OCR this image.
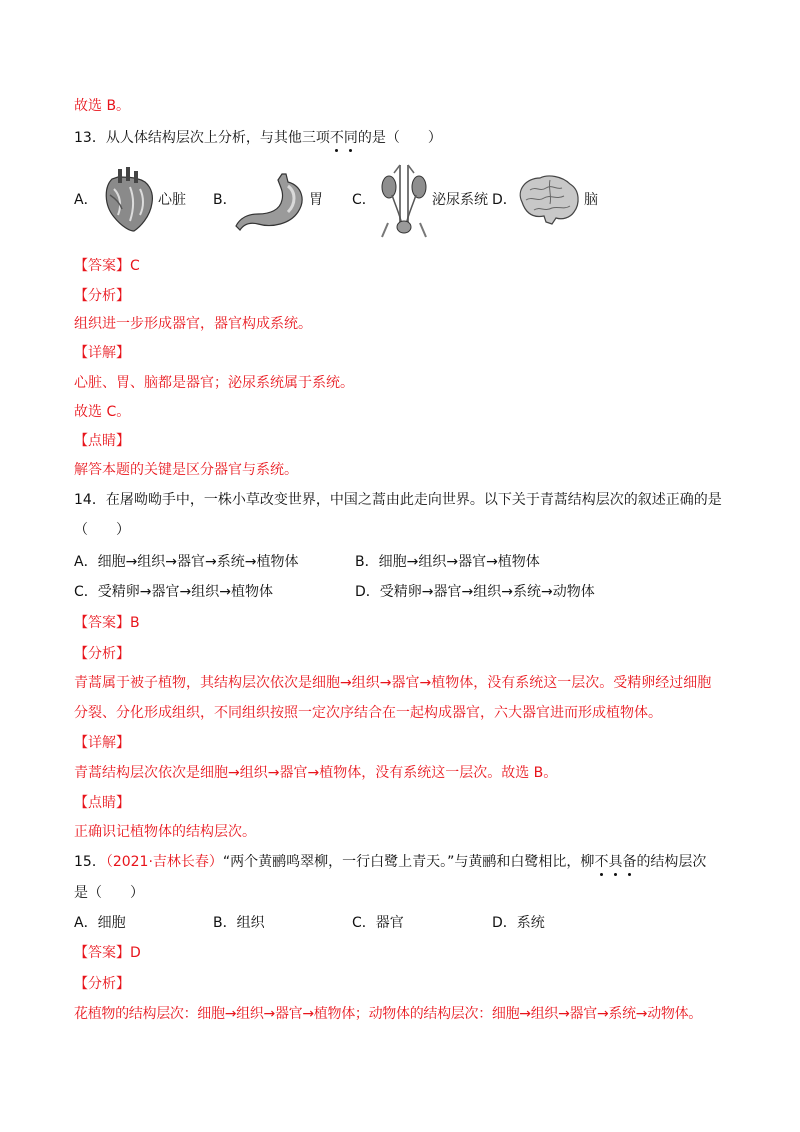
故选 B。
13．从人体结构层次上分析，与其他三项不同的是（　　）
A．	心脏 B．	胃 C．	泌尿系统 D．	脑
【答案】C
【分析】
组织进一步形成器官，器官构成系统。
【详解】
心脏、胃、脑都是器官；泌尿系统属于系统。
故选 C。
【点睛】
解答本题的关键是区分器官与系统。
14．在屠呦呦手中，一株小草改变世界，中国之蒿由此走向世界。以下关于青蒿结构层次的叙述正确的是
（　　）
A．细胞→组织→器官→系统→植物体	B．细胞→组织→器官→植物体
C．受精卵→器官→组织→植物体	D．受精卵→器官→组织→系统→动物体
【答案】B
【分析】
青蒿属于被子植物，其结构层次依次是细胞→组织→器官→植物体，没有系统这一层次。受精卵经过细胞
分裂、分化形成组织，不同组织按照一定次序结合在一起构成器官，六大器官进而形成植物体。
【详解】
青蒿结构层次依次是细胞→组织→器官→植物体，没有系统这一层次。故选 B。
【点睛】
正确识记植物体的结构层次。
15．（2021·吉林长春）“两个黄鹂鸣翠柳，一行白鹭上青天。”与黄鹂和白鹭相比，柳不具备的结构层次
是（　　）
A．细胞	B．组织	C．器官	D．系统
【答案】D
【分析】
花植物的结构层次：细胞→组织→器官→植物体；动物体的结构层次：细胞→组织→器官→系统→动物体。
